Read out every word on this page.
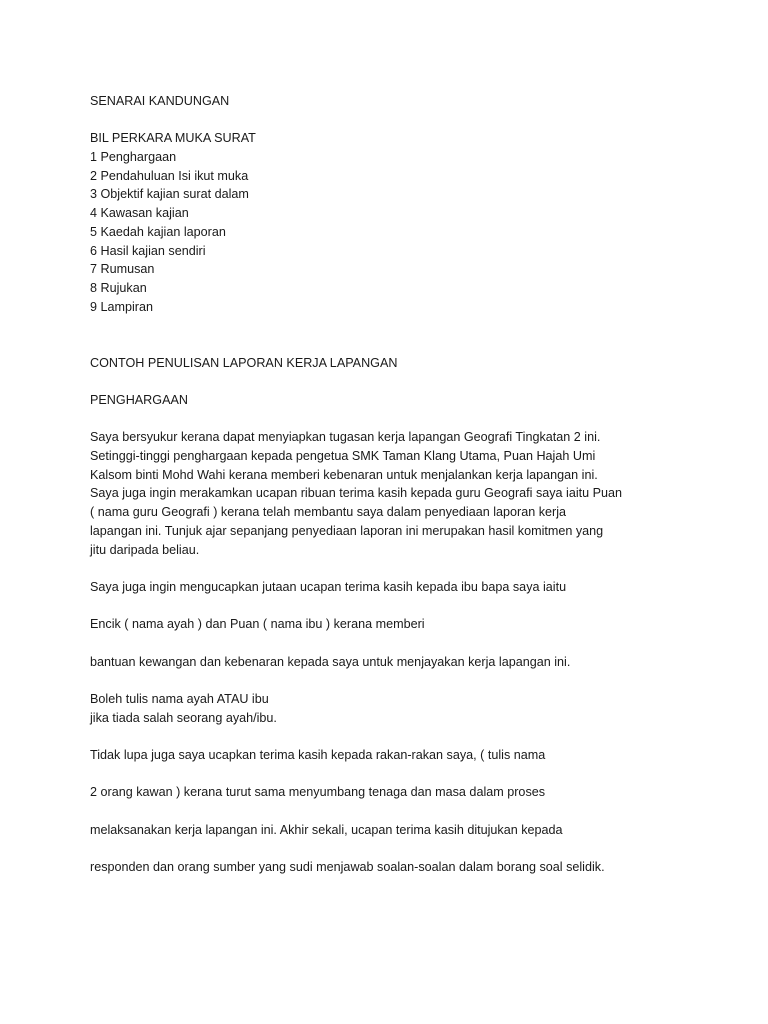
SENARAI KANDUNGAN
BIL PERKARA MUKA SURAT
1 Penghargaan
2 Pendahuluan Isi ikut muka
3 Objektif kajian surat dalam
4 Kawasan kajian
5 Kaedah kajian laporan
6 Hasil kajian sendiri
7 Rumusan
8 Rujukan
9 Lampiran
CONTOH PENULISAN LAPORAN KERJA LAPANGAN
PENGHARGAAN
Saya bersyukur kerana dapat menyiapkan tugasan kerja lapangan Geografi Tingkatan 2 ini.
Setinggi-tinggi penghargaan kepada pengetua SMK Taman Klang Utama, Puan Hajah Umi
Kalsom binti Mohd Wahi kerana memberi kebenaran untuk menjalankan kerja lapangan ini.
Saya juga ingin merakamkan ucapan ribuan terima kasih kepada guru Geografi saya iaitu Puan
( nama guru Geografi ) kerana telah membantu saya dalam penyediaan laporan kerja
lapangan ini. Tunjuk ajar sepanjang penyediaan laporan ini merupakan hasil komitmen yang
jitu daripada beliau.
Saya juga ingin mengucapkan jutaan ucapan terima kasih kepada ibu bapa saya iaitu
Encik ( nama ayah ) dan Puan ( nama ibu ) kerana memberi
bantuan kewangan dan kebenaran kepada saya untuk menjayakan kerja lapangan ini.
Boleh tulis nama ayah ATAU ibu
jika tiada salah seorang ayah/ibu.
Tidak lupa juga saya ucapkan terima kasih kepada rakan-rakan saya, ( tulis nama
2 orang kawan ) kerana turut sama menyumbang tenaga dan masa dalam proses
melaksanakan kerja lapangan ini. Akhir sekali, ucapan terima kasih ditujukan kepada
responden dan orang sumber yang sudi menjawab soalan-soalan dalam borang soal selidik.
